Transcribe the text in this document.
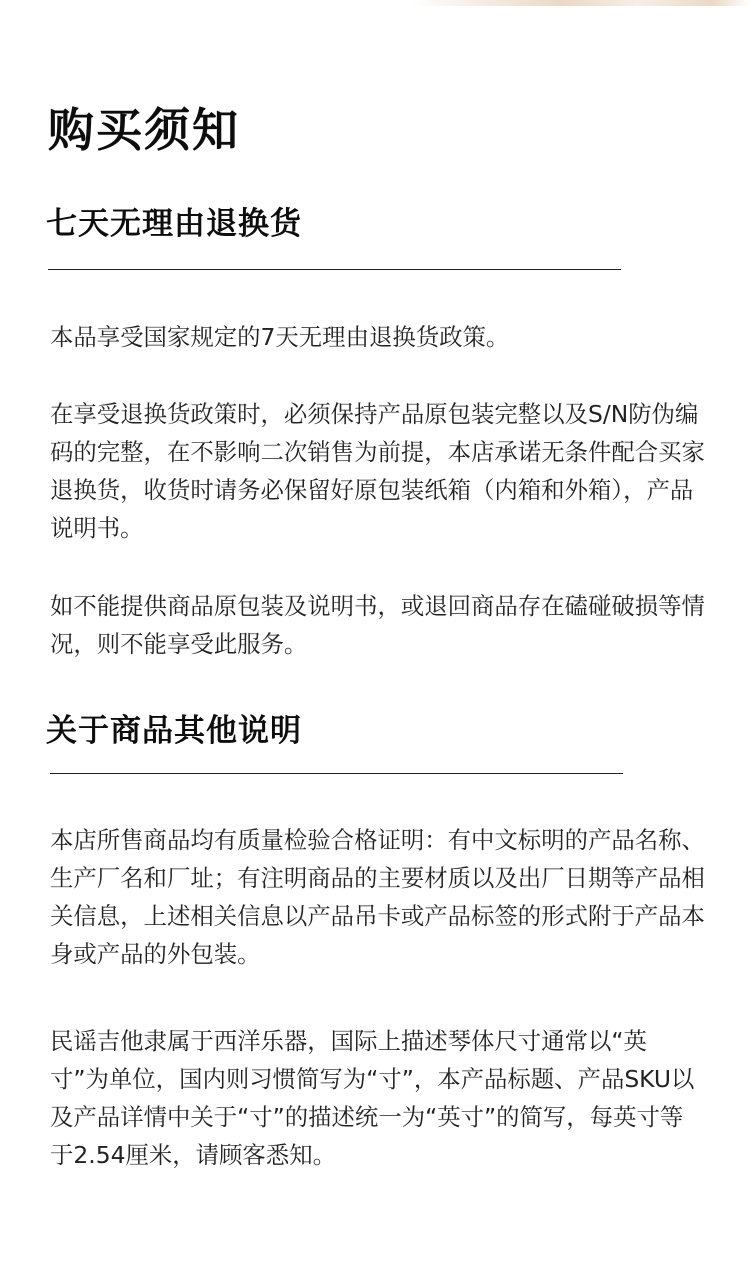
购买须知
七天无理由退换货

本品享受国家规定的7天无理由退换货政策。

在享受退换货政策时，必须保持产品原包装完整以及S/N防伪编码的完整，在不影响二次销售为前提，本店承诺无条件配合买家退换货，收货时请务必保留好原包装纸箱（内箱和外箱），产品说明书。

如不能提供商品原包装及说明书，或退回商品存在磕碰破损等情况，则不能享受此服务。

关于商品其他说明

本店所售商品均有质量检验合格证明：有中文标明的产品名称、生产厂名和厂址；有注明商品的主要材质以及出厂日期等产品相关信息，上述相关信息以产品吊卡或产品标签的形式附于产品本身或产品的外包装。

民谣吉他隶属于西洋乐器，国际上描述琴体尺寸通常以“英寸”为单位，国内则习惯简写为“寸”，本产品标题、产品SKU以及产品详情中关于“寸”的描述统一为“英寸”的简写，每英寸等于2.54厘米，请顾客悉知。
